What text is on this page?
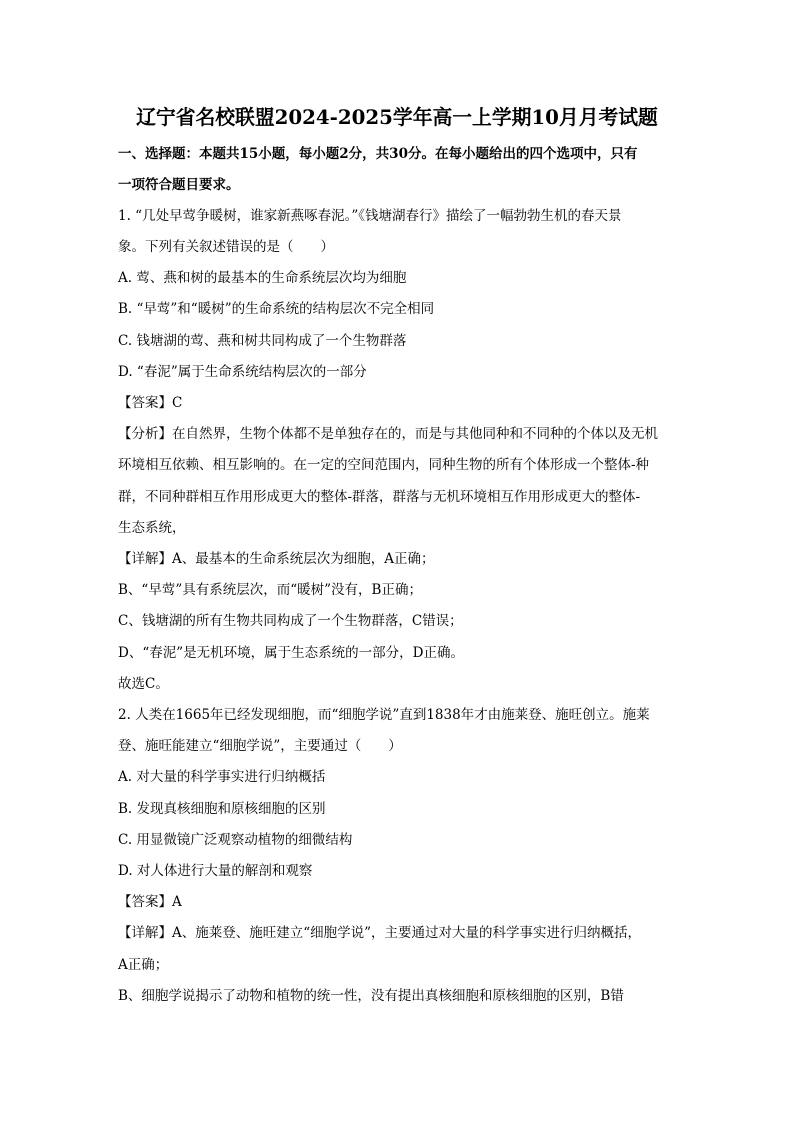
辽宁省名校联盟2024-2025学年高一上学期10月月考试题
一、选择题：本题共15小题，每小题2分，共30分。在每小题给出的四个选项中，只有
一项符合题目要求。
1. “几处早莺争暖树，谁家新燕啄春泥。”《钱塘湖春行》描绘了一幅勃勃生机的春天景
象。下列有关叙述错误的是（　　）
A. 莺、燕和树的最基本的生命系统层次均为细胞
B. “早莺”和“暖树”的生命系统的结构层次不完全相同
C. 钱塘湖的莺、燕和树共同构成了一个生物群落
D. “春泥”属于生命系统结构层次的一部分
【答案】C
【分析】在自然界，生物个体都不是单独存在的，而是与其他同种和不同种的个体以及无机
环境相互依赖、相互影响的。在一定的空间范围内，同种生物的所有个体形成一个整体-种
群，不同种群相互作用形成更大的整体-群落，群落与无机环境相互作用形成更大的整体-
生态系统，
【详解】A、最基本的生命系统层次为细胞，A正确；
B、“早莺”具有系统层次，而“暖树”没有，B正确；
C、钱塘湖的所有生物共同构成了一个生物群落，C错误；
D、“春泥”是无机环境，属于生态系统的一部分，D正确。
故选C。
2. 人类在1665年已经发现细胞，而“细胞学说”直到1838年才由施莱登、施旺创立。施莱
登、施旺能建立“细胞学说”，主要通过（　　）
A. 对大量的科学事实进行归纳概括
B. 发现真核细胞和原核细胞的区别
C. 用显微镜广泛观察动植物的细微结构
D. 对人体进行大量的解剖和观察
【答案】A
【详解】A、施莱登、施旺建立“细胞学说”，主要通过对大量的科学事实进行归纳概括，
A正确；
B、细胞学说揭示了动物和植物的统一性，没有提出真核细胞和原核细胞的区别，B错
